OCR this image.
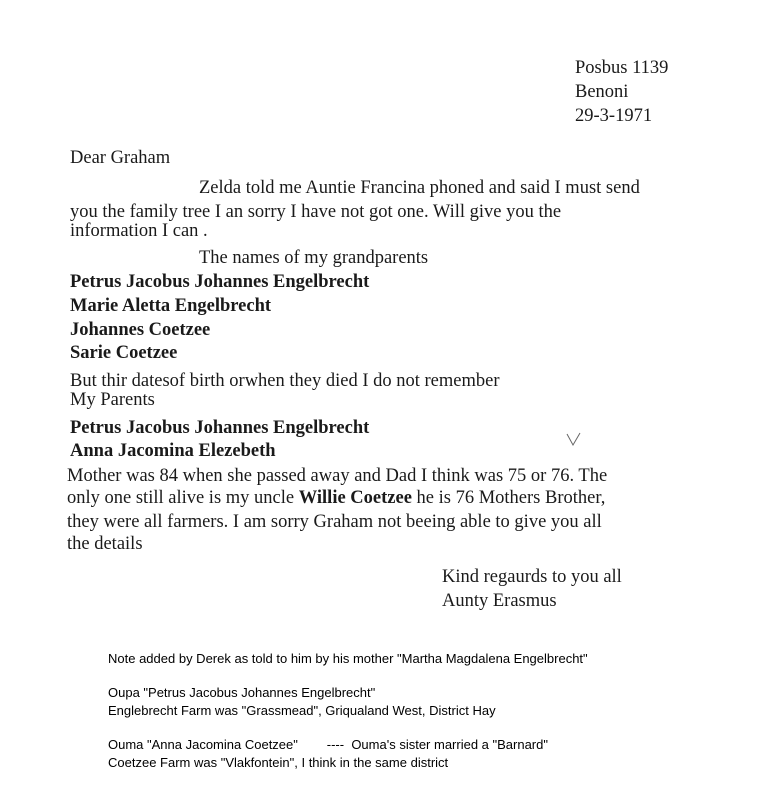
Posbus 1139
Benoni
29-3-1971
Dear Graham
Zelda told me Auntie Francina phoned and said I must send
you the family tree I an sorry I have not got one. Will give you the
information I can .
The names of my grandparents
Petrus Jacobus Johannes Engelbrecht
Marie Aletta Engelbrecht
Johannes Coetzee
Sarie Coetzee
But thir datesof birth orwhen they died I do not remember
My Parents
Petrus Jacobus Johannes Engelbrecht
Anna Jacomina Elezebeth
Mother was 84 when she passed away and Dad I think was 75 or 76. The
only one still alive is my uncle Willie Coetzee he is 76 Mothers Brother,
they were all farmers. I am sorry Graham not beeing able to give you all
the details
Kind regaurds to you all
Aunty Erasmus
Note added by Derek as told to him by his mother "Martha Magdalena Engelbrecht"
Oupa "Petrus Jacobus Johannes Engelbrecht"
Englebrecht Farm was "Grassmead", Griqualand West, District Hay
Ouma "Anna Jacomina Coetzee"        ----  Ouma's sister married a "Barnard"
Coetzee Farm was "Vlakfontein", I think in the same district
